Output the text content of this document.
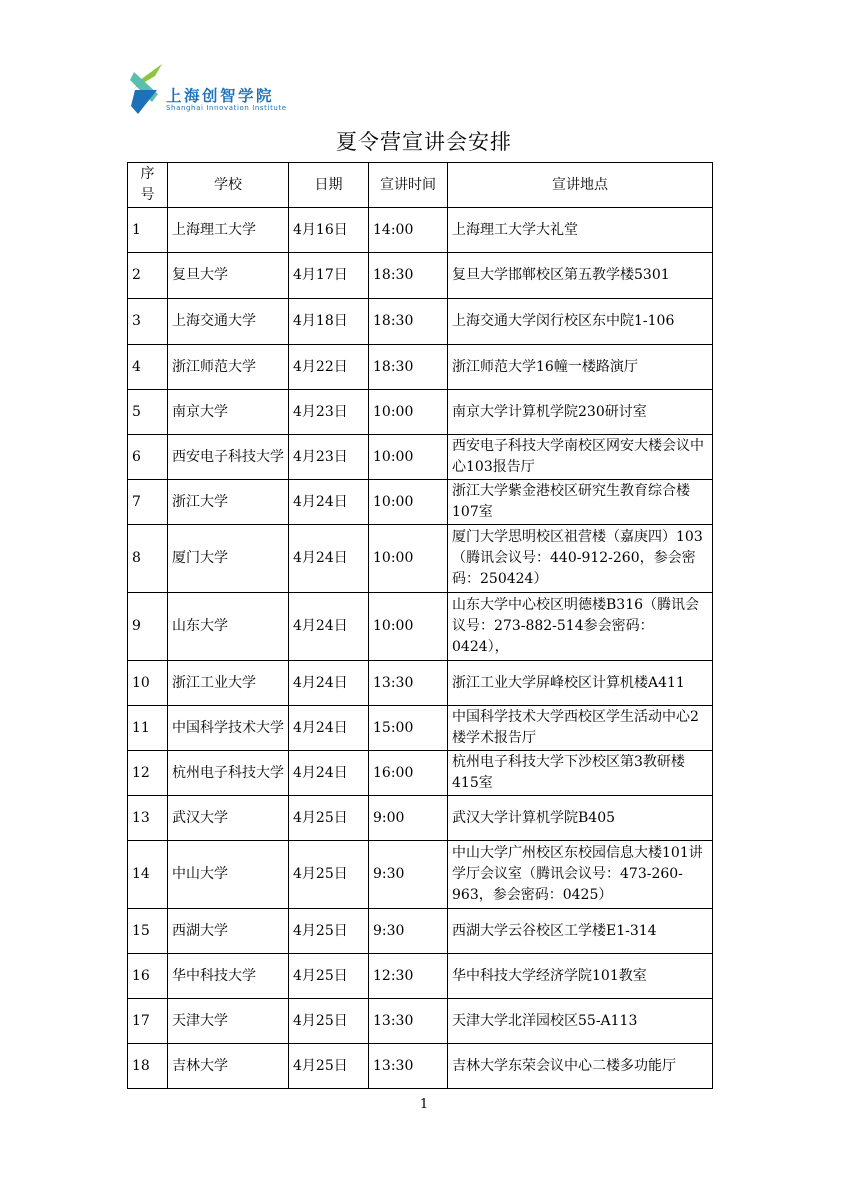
上海创智学院
Shanghai Innovation Institute
夏令营宣讲会安排
序号	学校	日期	宣讲时间	宣讲地点
1	上海理工大学	4月16日	14:00	上海理工大学大礼堂
2	复旦大学	4月17日	18:30	复旦大学邯郸校区第五教学楼5301
3	上海交通大学	4月18日	18:30	上海交通大学闵行校区东中院1-106
4	浙江师范大学	4月22日	18:30	浙江师范大学16幢一楼路演厅
5	南京大学	4月23日	10:00	南京大学计算机学院230研讨室
6	西安电子科技大学	4月23日	10:00	西安电子科技大学南校区网安大楼会议中心103报告厅
7	浙江大学	4月24日	10:00	浙江大学紫金港校区研究生教育综合楼107室
8	厦门大学	4月24日	10:00	厦门大学思明校区祖营楼（嘉庚四）103（腾讯会议号：440-912-260，参会密码：250424）
9	山东大学	4月24日	10:00	山东大学中心校区明德楼B316（腾讯会议号：273-882-514参会密码：0424），
10	浙江工业大学	4月24日	13:30	浙江工业大学屏峰校区计算机楼A411
11	中国科学技术大学	4月24日	15:00	中国科学技术大学西校区学生活动中心2楼学术报告厅
12	杭州电子科技大学	4月24日	16:00	杭州电子科技大学下沙校区第3教研楼415室
13	武汉大学	4月25日	9:00	武汉大学计算机学院B405
14	中山大学	4月25日	9:30	中山大学广州校区东校园信息大楼101讲学厅会议室（腾讯会议号：473-260-963，参会密码：0425）
15	西湖大学	4月25日	9:30	西湖大学云谷校区工学楼E1-314
16	华中科技大学	4月25日	12:30	华中科技大学经济学院101教室
17	天津大学	4月25日	13:30	天津大学北洋园校区55-A113
18	吉林大学	4月25日	13:30	吉林大学东荣会议中心二楼多功能厅
1
